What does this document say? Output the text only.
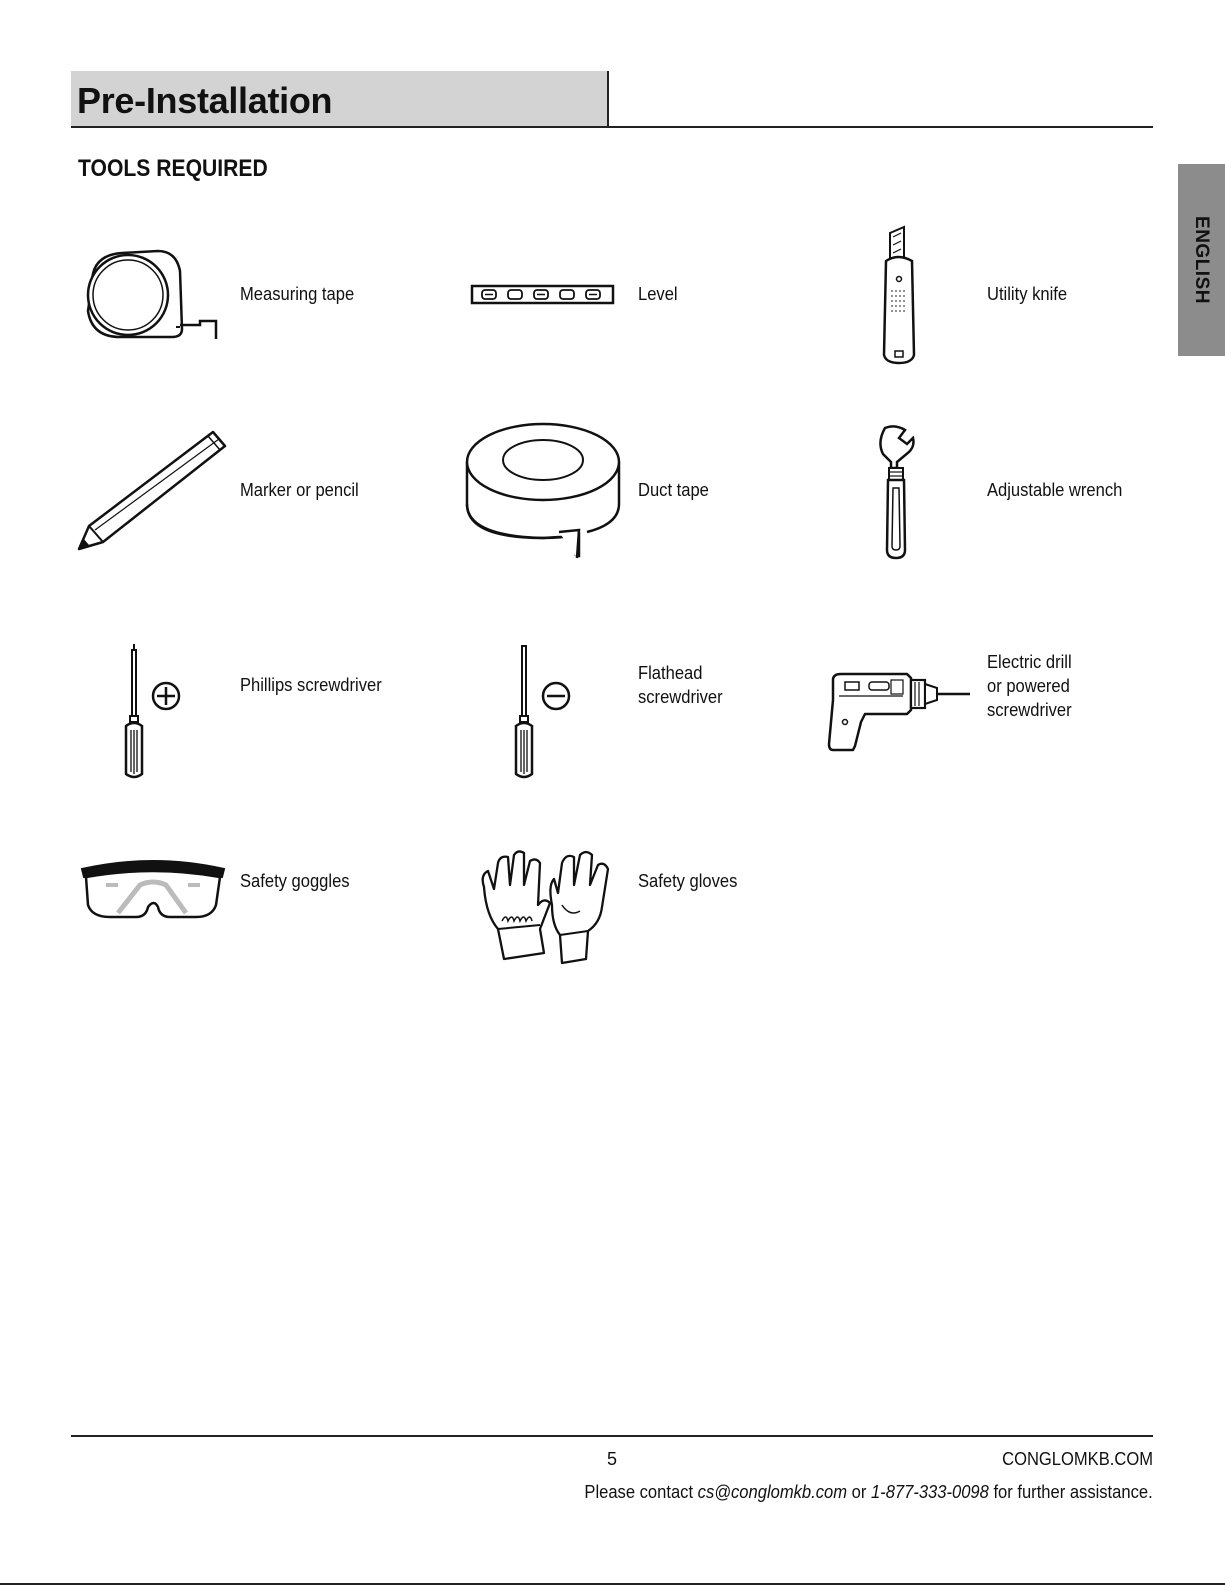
Pre-Installation
TOOLS REQUIRED
ENGLISH
Measuring tape	Level	Utility knife
Marker or pencil	Duct tape	Adjustable wrench
Phillips screwdriver
Flathead
screwdriver
Electric drill
or powered
screwdriver
Safety goggles	Safety gloves
5	CONGLOMKB.COM
Please contact cs@conglomkb.com or 1-877-333-0098 for further assistance.
